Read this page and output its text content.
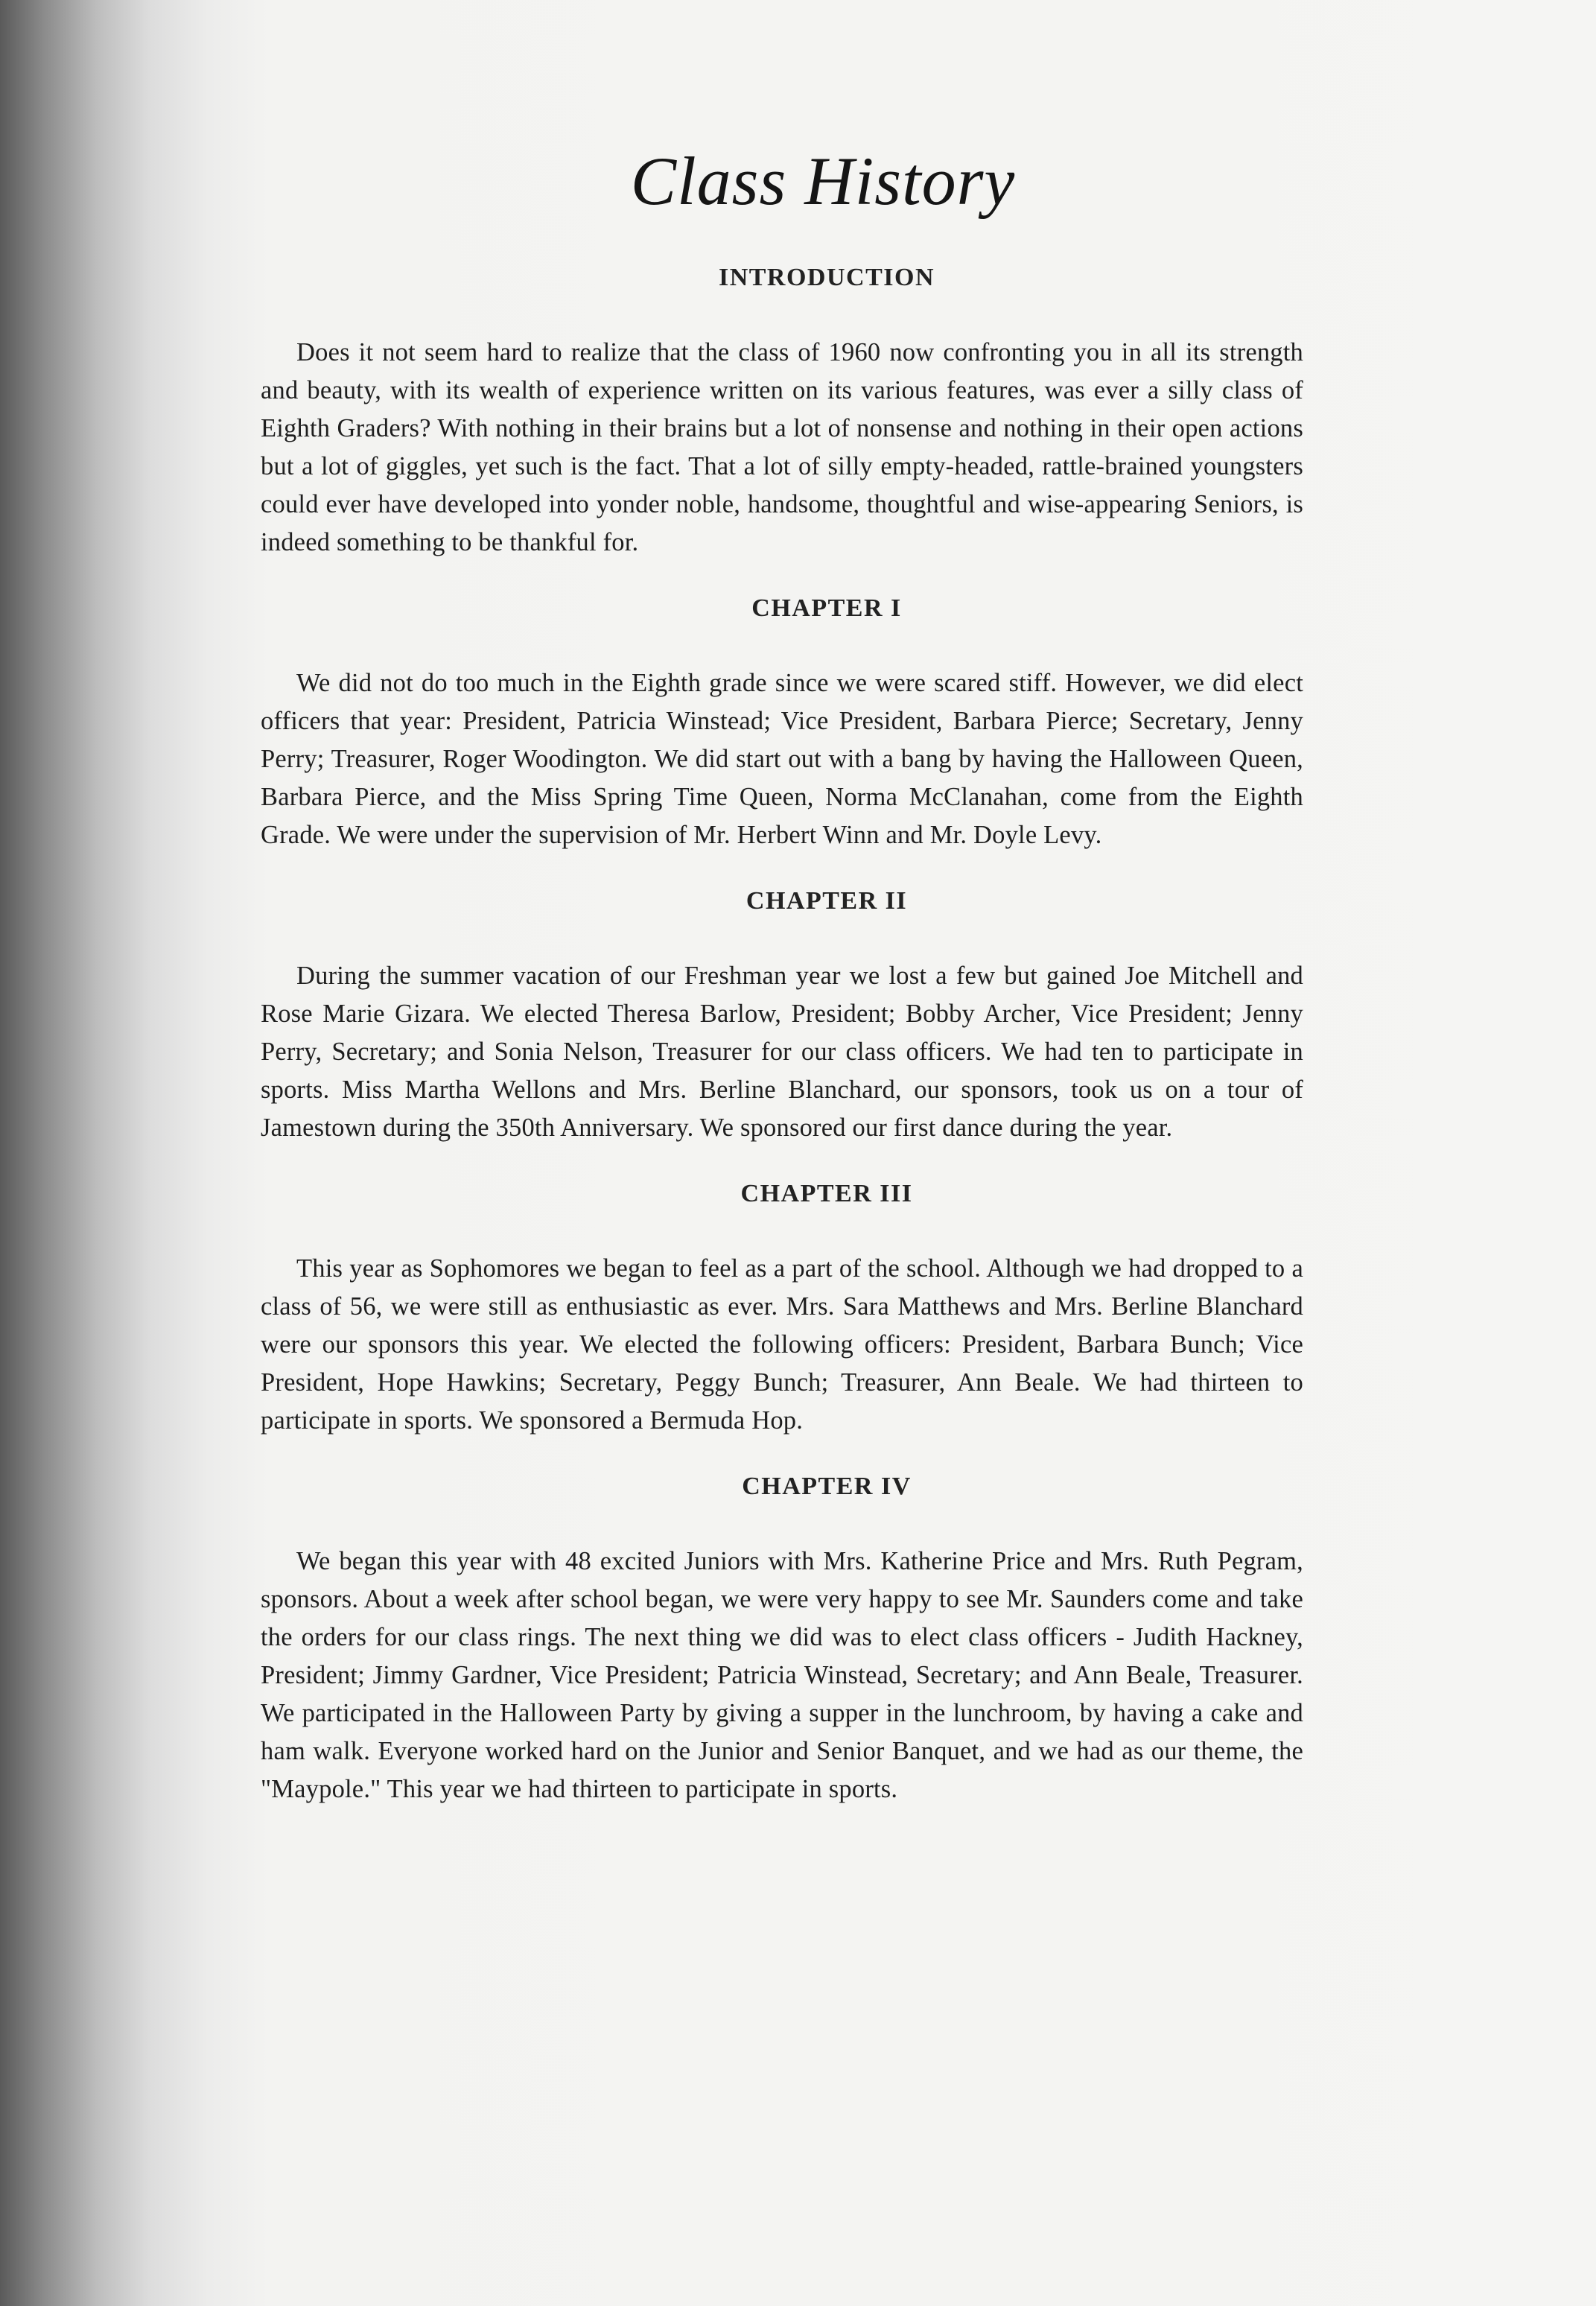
Class History
INTRODUCTION

Does it not seem hard to realize that the class of 1960 now confronting you in all its strength and beauty, with its wealth of experience written on its various features, was ever a silly class of Eighth Graders? With nothing in their brains but a lot of nonsense and nothing in their open actions but a lot of giggles, yet such is the fact. That a lot of silly empty-headed, rattle-brained youngsters could ever have developed into yonder noble, handsome, thoughtful and wise-appearing Seniors, is indeed something to be thankful for.

CHAPTER I

We did not do too much in the Eighth grade since we were scared stiff. However, we did elect officers that year: President, Patricia Winstead; Vice President, Barbara Pierce; Secretary, Jenny Perry; Treasurer, Roger Woodington. We did start out with a bang by having the Halloween Queen, Barbara Pierce, and the Miss Spring Time Queen, Norma McClanahan, come from the Eighth Grade. We were under the supervision of Mr. Herbert Winn and Mr. Doyle Levy.

CHAPTER II

During the summer vacation of our Freshman year we lost a few but gained Joe Mitchell and Rose Marie Gizara. We elected Theresa Barlow, President; Bobby Archer, Vice President; Jenny Perry, Secretary; and Sonia Nelson, Treasurer for our class officers. We had ten to participate in sports. Miss Martha Wellons and Mrs. Berline Blanchard, our sponsors, took us on a tour of Jamestown during the 350th Anniversary. We sponsored our first dance during the year.

CHAPTER III

This year as Sophomores we began to feel as a part of the school. Although we had dropped to a class of 56, we were still as enthusiastic as ever. Mrs. Sara Matthews and Mrs. Berline Blanchard were our sponsors this year. We elected the following officers: President, Barbara Bunch; Vice President, Hope Hawkins; Secretary, Peggy Bunch; Treasurer, Ann Beale. We had thirteen to participate in sports. We sponsored a Bermuda Hop.

CHAPTER IV

We began this year with 48 excited Juniors with Mrs. Katherine Price and Mrs. Ruth Pegram, sponsors. About a week after school began, we were very happy to see Mr. Saunders come and take the orders for our class rings. The next thing we did was to elect class officers - Judith Hackney, President; Jimmy Gardner, Vice President; Patricia Winstead, Secretary; and Ann Beale, Treasurer. We participated in the Halloween Party by giving a supper in the lunchroom, by having a cake and ham walk. Everyone worked hard on the Junior and Senior Banquet, and we had as our theme, the "Maypole." This year we had thirteen to participate in sports.
